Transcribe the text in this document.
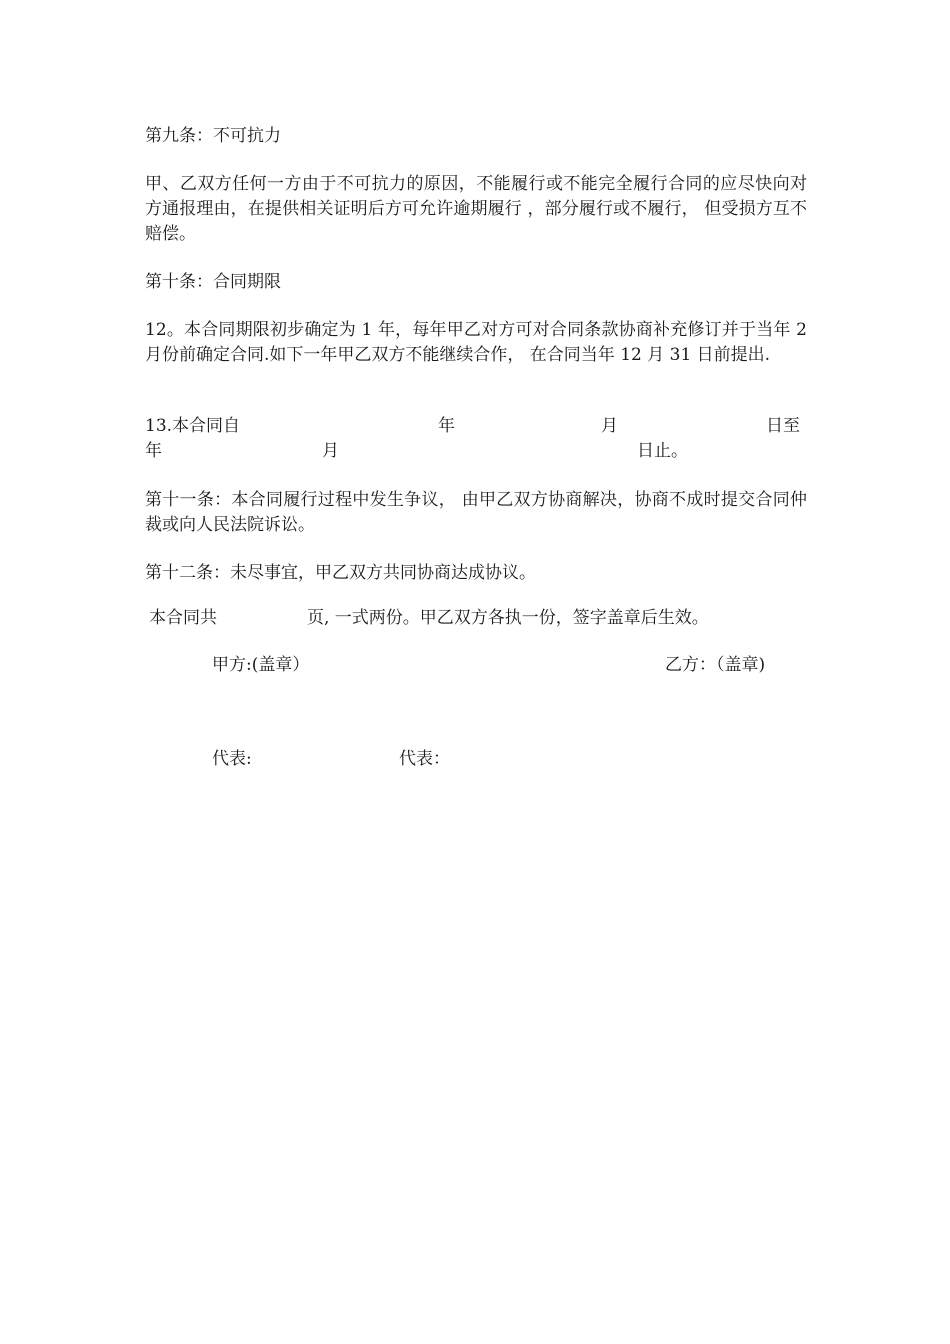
第九条：不可抗力

甲、乙双方任何一方由于不可抗力的原因，不能履行或不能完全履行合同的应尽快向对方通报理由，在提供相关证明后方可允许逾期履行 ，部分履行或不履行， 但受损方互不赔偿。

第十条：合同期限

12。本合同期限初步确定为 1 年，每年甲乙对方可对合同条款协商补充修订并于当年 2 月份前确定合同.如下一年甲乙双方不能继续合作， 在合同当年 12 月 31 日前提出.

13.本合同自	年	月	日至
年	月	日止。

第十一条：本合同履行过程中发生争议， 由甲乙双方协商解决，协商不成时提交合同仲裁或向人民法院诉讼。

第十二条：未尽事宜，甲乙双方共同协商达成协议。

本合同共	页, 一式两份。甲乙双方各执一份，签字盖章后生效。
甲方:(盖章）	乙方：（盖章)
代表:	代表：
